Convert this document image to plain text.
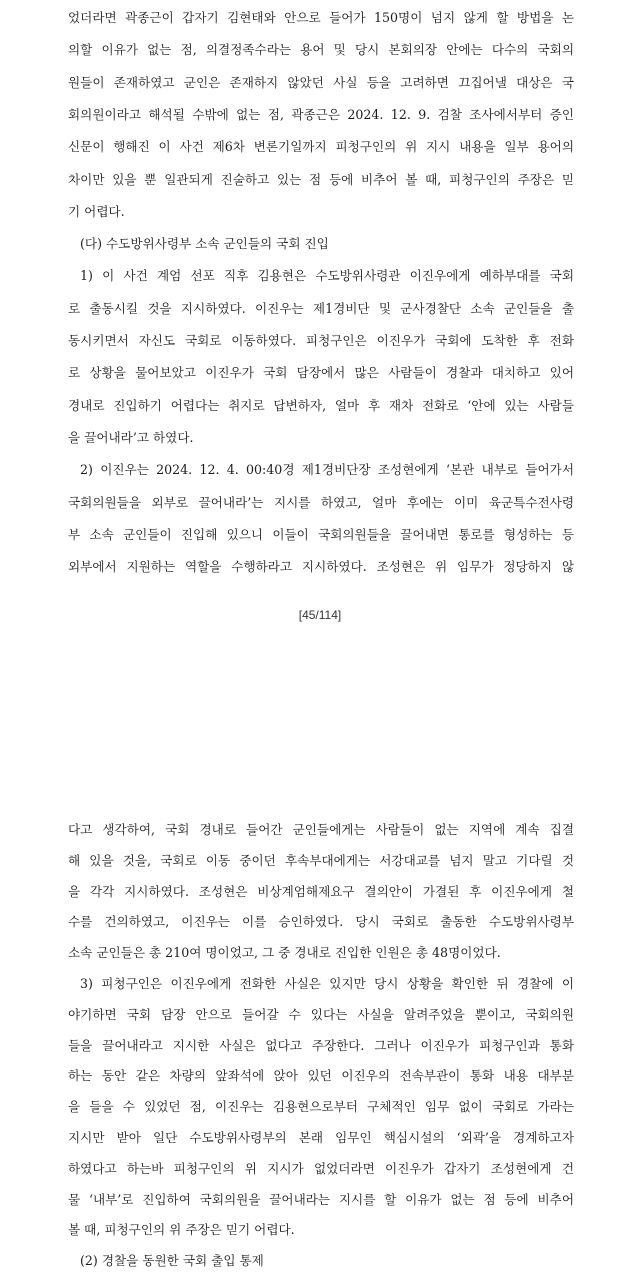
었더라면 곽종근이 갑자기 김현태와 안으로 들어가 150명이 넘지 않게 할 방법을 논
의할 이유가 없는 점, 의결정족수라는 용어 및 당시 본회의장 안에는 다수의 국회의
원들이 존재하였고 군인은 존재하지 않았던 사실 등을 고려하면 끄집어낼 대상은 국
회의원이라고 해석될 수밖에 없는 점, 곽종근은 2024. 12. 9. 검찰 조사에서부터 증인
신문이 행해진 이 사건 제6차 변론기일까지 피청구인의 위 지시 내용을 일부 용어의
차이만 있을 뿐 일관되게 진술하고 있는 점 등에 비추어 볼 때, 피청구인의 주장은 믿
기 어렵다.
(다) 수도방위사령부 소속 군인들의 국회 진입
1) 이 사건 계엄 선포 직후 김용현은 수도방위사령관 이진우에게 예하부대를 국회
로 출동시킬 것을 지시하였다. 이진우는 제1경비단 및 군사경찰단 소속 군인들을 출
동시키면서 자신도 국회로 이동하였다. 피청구인은 이진우가 국회에 도착한 후 전화
로 상황을 물어보았고 이진우가 국회 담장에서 많은 사람들이 경찰과 대치하고 있어
경내로 진입하기 어렵다는 취지로 답변하자, 얼마 후 재차 전화로 ‘안에 있는 사람들
을 끌어내라’고 하였다.
2) 이진우는 2024. 12. 4. 00:40경 제1경비단장 조성현에게 ‘본관 내부로 들어가서
국회의원들을 외부로 끌어내라’는 지시를 하였고, 얼마 후에는 이미 육군특수전사령
부 소속 군인들이 진입해 있으니 이들이 국회의원들을 끌어내면 통로를 형성하는 등
외부에서 지원하는 역할을 수행하라고 지시하였다. 조성현은 위 임무가 정당하지 않
[45/114]
다고 생각하여, 국회 경내로 들어간 군인들에게는 사람들이 없는 지역에 계속 집결
해 있을 것을, 국회로 이동 중이던 후속부대에게는 서강대교를 넘지 말고 기다릴 것
을 각각 지시하였다. 조성현은 비상계엄해제요구 결의안이 가결된 후 이진우에게 철
수를 건의하였고, 이진우는 이를 승인하였다. 당시 국회로 출동한 수도방위사령부
소속 군인들은 총 210여 명이었고, 그 중 경내로 진입한 인원은 총 48명이었다.
3) 피청구인은 이진우에게 전화한 사실은 있지만 당시 상황을 확인한 뒤 경찰에 이
야기하면 국회 담장 안으로 들어갈 수 있다는 사실을 알려주었을 뿐이고, 국회의원
들을 끌어내라고 지시한 사실은 없다고 주장한다. 그러나 이진우가 피청구인과 통화
하는 동안 같은 차량의 앞좌석에 앉아 있던 이진우의 전속부관이 통화 내용 대부분
을 들을 수 있었던 점, 이진우는 김용현으로부터 구체적인 임무 없이 국회로 가라는
지시만 받아 일단 수도방위사령부의 본래 임무인 핵심시설의 ‘외곽’을 경계하고자
하였다고 하는바 피청구인의 위 지시가 없었더라면 이진우가 갑자기 조성현에게 건
물 ‘내부’로 진입하여 국회의원을 끌어내라는 지시를 할 이유가 없는 점 등에 비추어
볼 때, 피청구인의 위 주장은 믿기 어렵다.
(2) 경찰을 동원한 국회 출입 통제
